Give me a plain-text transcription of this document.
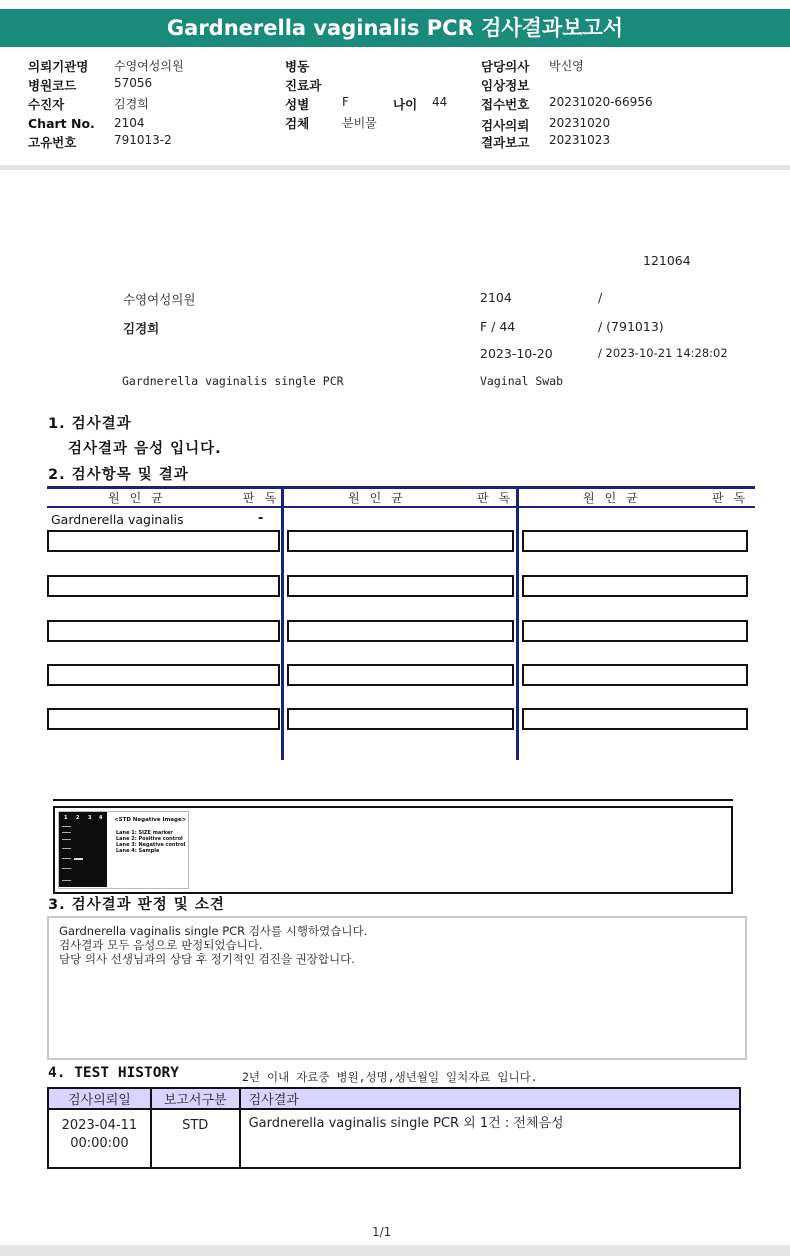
Gardnerella vaginalis PCR 검사결과보고서
의뢰기관명 수영여성의원
병원코드	57056
수진자	김경희
Chart No. 2104
고유번호	791013-2
병동
진료과
성별	F	나이 44
검체	분비물
담당의사 박신영
임상정보
접수번호 20231020-66956
검사의뢰 20231020
결과보고 20231023
121064
수영여성의원	2104	/
김경희	F / 44	/ (791013)
2023-10-20	/ 2023-10-21 14:28:02
Gardnerella vaginalis single PCR	Vaginal Swab
1. 검사결과
검사결과 음성 입니다.
2. 검사항목 및 결과
원인균	판독	원인균	판독	원인균	판독
Gardnerella vaginalis	-
1 2 3 4 <STD Negative Image>
Lane 1: SIZE marker
Lane 2: Positive control
Lane 3: Negative control
Lane 4: Sample
3. 검사결과 판정 및 소견
Gardnerella vaginalis single PCR 검사를 시행하였습니다.
검사결과 모두 음성으로 판정되었습니다.
담당 의사 선생님과의 상담 후 정기적인 검진을 권장합니다.
4. TEST HISTORY	2년 이내 자료중 병원,성명,생년월일 일치자료 입니다.
검사의뢰일	보고서구분	검사결과

2023-04-11
00:00:00	STD	Gardnerella vaginalis single PCR 외 1건 : 전체음성
1/1
